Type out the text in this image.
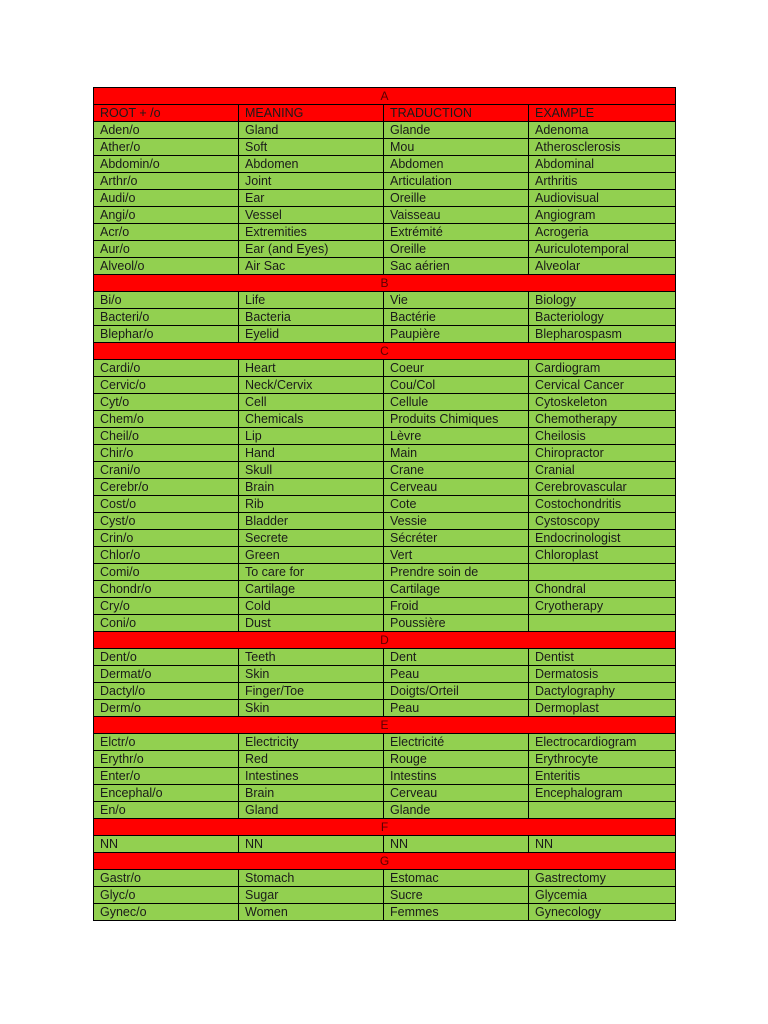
A			
ROOT + /o	MEANING	TRADUCTION	EXAMPLE
Aden/o	Gland	Glande	Adenoma
Ather/o	Soft	Mou	Atherosclerosis
Abdomin/o	Abdomen	Abdomen	Abdominal
Arthr/o	Joint	Articulation	Arthritis
Audi/o	Ear	Oreille	Audiovisual
Angi/o	Vessel	Vaisseau	Angiogram
Acr/o	Extremities	Extrémité	Acrogeria
Aur/o	Ear (and Eyes)	Oreille	Auriculotemporal
Alveol/o	Air Sac	Sac aérien	Alveolar
B			
Bi/o	Life	Vie	Biology
Bacteri/o	Bacteria	Bactérie	Bacteriology
Blephar/o	Eyelid	Paupière	Blepharospasm
C			
Cardi/o	Heart	Coeur	Cardiogram
Cervic/o	Neck/Cervix	Cou/Col	Cervical Cancer
Cyt/o	Cell	Cellule	Cytoskeleton
Chem/o	Chemicals	Produits Chimiques	Chemotherapy
Cheil/o	Lip	Lèvre	Cheilosis
Chir/o	Hand	Main	Chiropractor
Crani/o	Skull	Crane	Cranial
Cerebr/o	Brain	Cerveau	Cerebrovascular
Cost/o	Rib	Cote	Costochondritis
Cyst/o	Bladder	Vessie	Cystoscopy
Crin/o	Secrete	Sécréter	Endocrinologist
Chlor/o	Green	Vert	Chloroplast
Comi/o	To care for	Prendre soin de	
Chondr/o	Cartilage	Cartilage	Chondral
Cry/o	Cold	Froid	Cryotherapy
Coni/o	Dust	Poussière	
D			
Dent/o	Teeth	Dent	Dentist
Dermat/o	Skin	Peau	Dermatosis
Dactyl/o	Finger/Toe	Doigts/Orteil	Dactylography
Derm/o	Skin	Peau	Dermoplast
E			
Elctr/o	Electricity	Electricité	Electrocardiogram
Erythr/o	Red	Rouge	Erythrocyte
Enter/o	Intestines	Intestins	Enteritis
Encephal/o	Brain	Cerveau	Encephalogram
En/o	Gland	Glande	
F			
NN	NN	NN	NN
G			
Gastr/o	Stomach	Estomac	Gastrectomy
Glyc/o	Sugar	Sucre	Glycemia
Gynec/o	Women	Femmes	Gynecology
